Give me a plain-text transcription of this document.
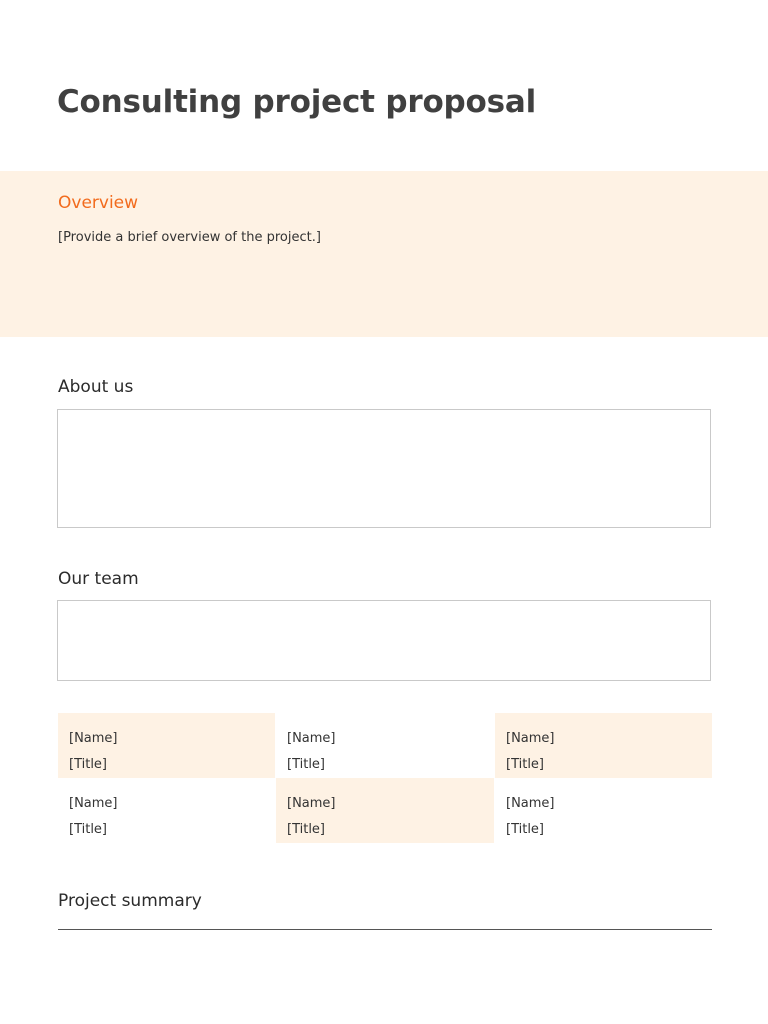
Consulting project proposal
Overview

[Provide a brief overview of the project.]

About us
Our team
[Name]
[Title]
[Name]
[Title]
[Name]
[Title]
[Name]
[Title]
[Name]
[Title]
[Name]
[Title]
Project summary
